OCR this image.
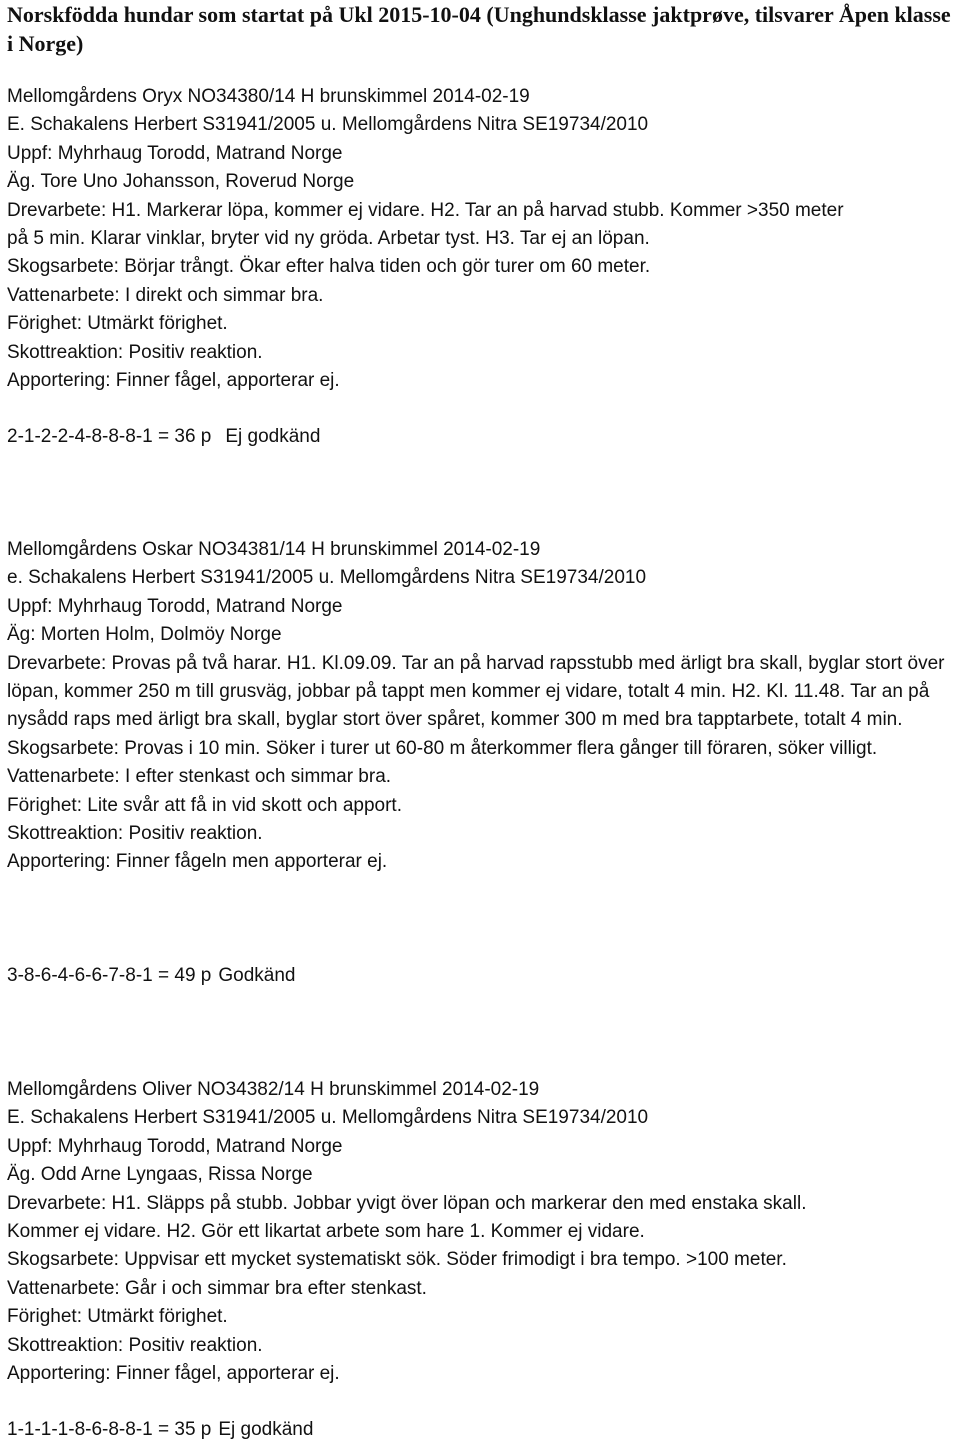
Norskfödda hundar som startat på Ukl 2015-10-04 (Unghundsklasse jaktprøve, tilsvarer Åpen klasse i Norge)
Mellomgårdens Oryx NO34380/14 H brunskimmel 2014-02-19
E. Schakalens Herbert S31941/2005 u. Mellomgårdens Nitra SE19734/2010
Uppf: Myhrhaug Torodd, Matrand Norge
Äg. Tore Uno Johansson, Roverud Norge
Drevarbete: H1. Markerar löpa, kommer ej vidare. H2. Tar an på harvad stubb. Kommer >350 meter
på 5 min. Klarar vinklar, bryter vid ny gröda. Arbetar tyst. H3. Tar ej an löpan.
Skogsarbete: Börjar trångt. Ökar efter halva tiden och gör turer om 60 meter.
Vattenarbete: I direkt och simmar bra.
Förighet: Utmärkt förighet.
Skottreaktion: Positiv reaktion.
Apportering: Finner fågel, apporterar ej.
2-1-2-2-4-8-8-8-1 = 36 p Ej godkänd
Mellomgårdens Oskar NO34381/14 H brunskimmel 2014-02-19
e. Schakalens Herbert S31941/2005 u. Mellomgårdens Nitra SE19734/2010
Uppf: Myhrhaug Torodd, Matrand Norge
Äg: Morten Holm, Dolmöy Norge
Drevarbete: Provas på två harar. H1. Kl.09.09. Tar an på harvad rapsstubb med ärligt bra skall, byglar stort över löpan, kommer 250 m till grusväg, jobbar på tappt men kommer ej vidare, totalt 4 min. H2. Kl. 11.48. Tar an på nysådd raps med ärligt bra skall, byglar stort över spåret, kommer 300 m med bra tapptarbete, totalt 4 min.
Skogsarbete: Provas i 10 min. Söker i turer ut 60-80 m återkommer flera gånger till föraren, söker villigt.
Vattenarbete: I efter stenkast och simmar bra.
Förighet: Lite svår att få in vid skott och apport.
Skottreaktion: Positiv reaktion.
Apportering: Finner fågeln men apporterar ej.
3-8-6-4-6-6-7-8-1 = 49 p Godkänd
Mellomgårdens Oliver NO34382/14 H brunskimmel 2014-02-19
E. Schakalens Herbert S31941/2005 u. Mellomgårdens Nitra SE19734/2010
Uppf: Myhrhaug Torodd, Matrand Norge
Äg. Odd Arne Lyngaas, Rissa Norge
Drevarbete: H1. Släpps på stubb. Jobbar yvigt över löpan och markerar den med enstaka skall.
Kommer ej vidare. H2. Gör ett likartat arbete som hare 1. Kommer ej vidare.
Skogsarbete: Uppvisar ett mycket systematiskt sök. Söder frimodigt i bra tempo. >100 meter.
Vattenarbete: Går i och simmar bra efter stenkast.
Förighet: Utmärkt förighet.
Skottreaktion: Positiv reaktion.
Apportering: Finner fågel, apporterar ej.
1-1-1-1-8-6-8-8-1 = 35 p Ej godkänd
